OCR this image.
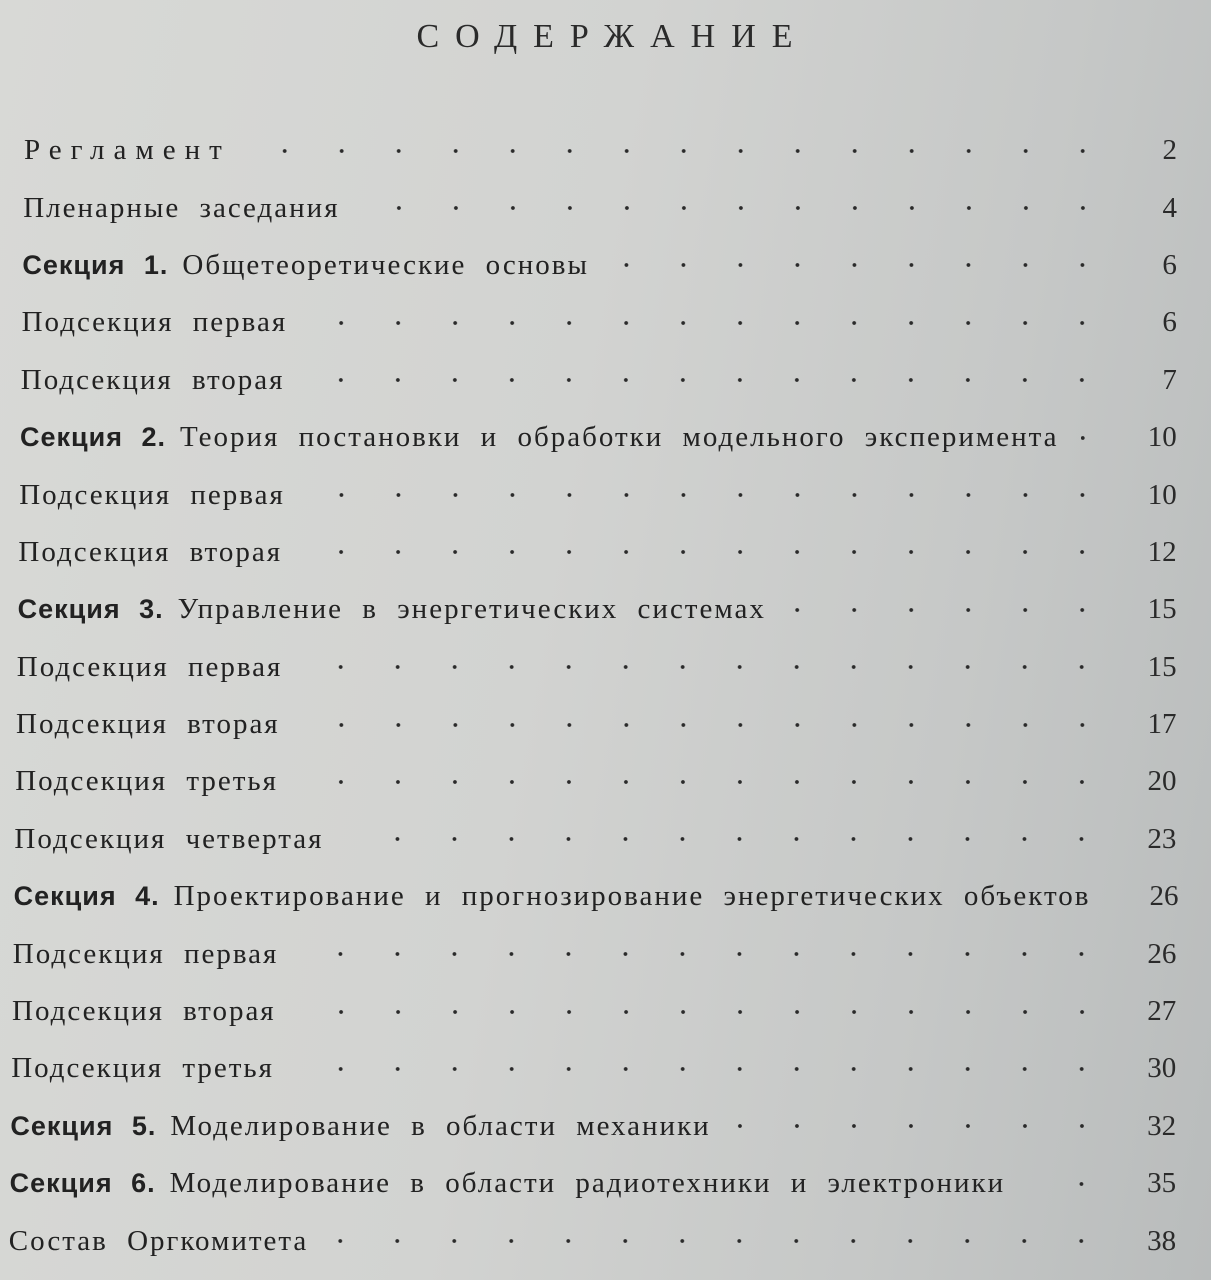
СОДЕРЖАНИЕ
Регламент	2
Пленарные заседания	4
Секция 1. Общетеоретические основы	6
Подсекция первая	6
Подсекция вторая	7
Секция 2. Теория постановки и обработки модельного эксперимента	10
Подсекция первая	10
Подсекция вторая	12
Секция 3. Управление в энергетических системах	15
Подсекция первая	15
Подсекция вторая	17
Подсекция третья	20
Подсекция четвертая	23
Секция 4. Проектирование и прогнозирование энергетических объектов	26
Подсекция первая	26
Подсекция вторая	27
Подсекция третья	30
Секция 5. Моделирование в области механики	32
Секция 6. Моделирование в области радиотехники и электроники	35
Состав Оргкомитета	38
